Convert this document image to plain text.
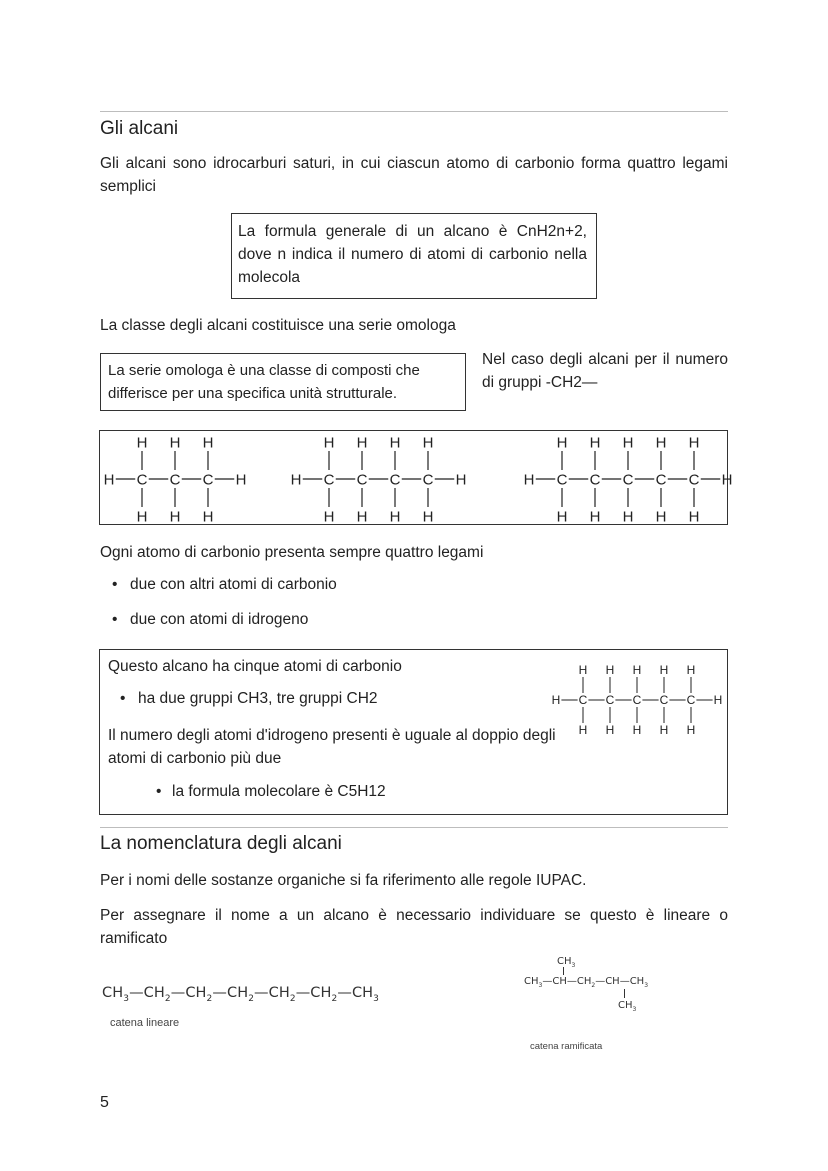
Gli alcani
Gli alcani sono idrocarburi saturi, in cui ciascun atomo di carbonio forma quattro legami semplici
La formula generale di un alcano è CnH2n+2, dove n indica il numero di atomi di carbonio nella molecola
La classe degli alcani costituisce una serie omologa
La serie omologa è una classe di composti che differisce per una specifica unità strutturale.
Nel caso degli alcani per il numero di gruppi -CH2—
H C
H
H
C
H
H
C
H
H
H	H C
H
H
C
H
H
C
H
H
C
H
H
H	H C
H
H
C
H
H
C
H
H
C
H
H
C
H
H
H
Ogni atomo di carbonio presenta sempre quattro legami
• due con altri atomi di carbonio
• due con atomi di idrogeno
Questo alcano ha cinque atomi di carbonio
• ha due gruppi CH3, tre gruppi CH2
Il numero degli atomi d'idrogeno presenti è uguale al doppio degli atomi di carbonio più due
• la formula molecolare è C5H12
H C
H
H
C
H
H
C
H
H
C
H
H
C
H
H
H
La nomenclatura degli alcani
Per i nomi delle sostanze organiche si fa riferimento alle regole IUPAC.
Per assegnare il nome a un alcano è necessario individuare se questo è lineare o ramificato
$CH_3—CH_2—CH_2—CH_2—CH_2—CH_2—CH_3$
catena lineare
$CH_3$
$CH_3—CH—CH_2—CH—CH_3$
$CH_3$
catena ramificata
5
